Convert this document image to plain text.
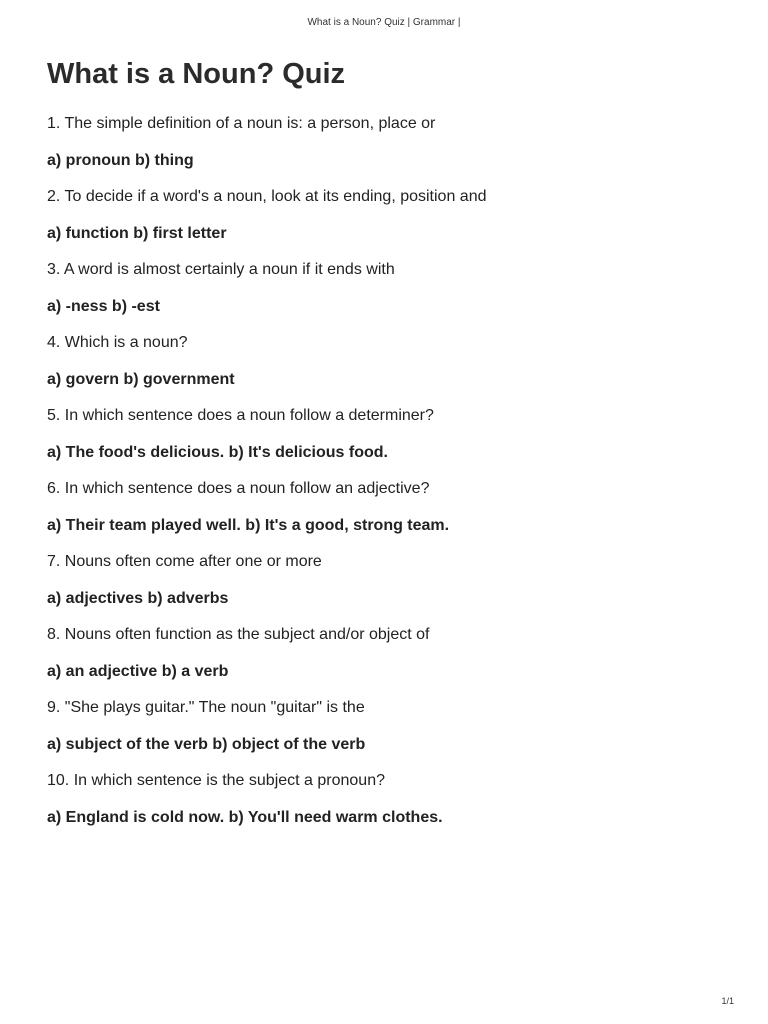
What is a Noun? Quiz | Grammar |
What is a Noun? Quiz

1. The simple definition of a noun is: a person, place or

a) pronoun b) thing

2. To decide if a word's a noun, look at its ending, position and

a) function b) first letter

3. A word is almost certainly a noun if it ends with

a) -ness b) -est

4. Which is a noun?

a) govern b) government

5. In which sentence does a noun follow a determiner?

a) The food's delicious. b) It's delicious food.

6. In which sentence does a noun follow an adjective?

a) Their team played well. b) It's a good, strong team.

7. Nouns often come after one or more

a) adjectives b) adverbs

8. Nouns often function as the subject and/or object of

a) an adjective b) a verb

9. "She plays guitar." The noun "guitar" is the

a) subject of the verb b) object of the verb

10. In which sentence is the subject a pronoun?

a) England is cold now. b) You'll need warm clothes.

1/1
